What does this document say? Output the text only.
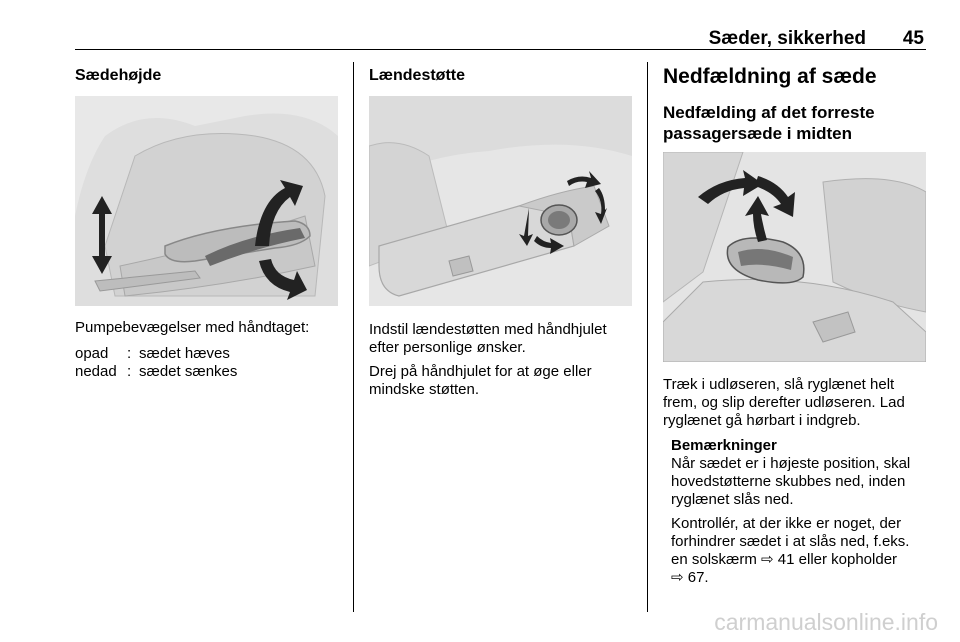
Sæder, sikkerhed 45
Sædehøjde
Pumpebevægelser med håndtaget:
opad	: sædet hæves
nedad : sædet sænkes
Lændestøtte
Indstil lændestøtten med håndhjulet
efter personlige ønsker.
Drej på håndhjulet for at øge eller
mindske støtten.
Nedfældning af sæde
Nedfælding af det forreste
passagersæde i midten
Træk i udløseren, slå ryglænet helt
frem, og slip derefter udløseren. Lad
ryglænet gå hørbart i indgreb.
Bemærkninger
Når sædet er i højeste position, skal
hovedstøtterne skubbes ned, inden
ryglænet slås ned.
Kontrollér, at der ikke er noget, der
forhindrer sædet i at slås ned, f.eks.
en solskærm ⇨ 41 eller kopholder
⇨ 67.
carmanualsonline.info
